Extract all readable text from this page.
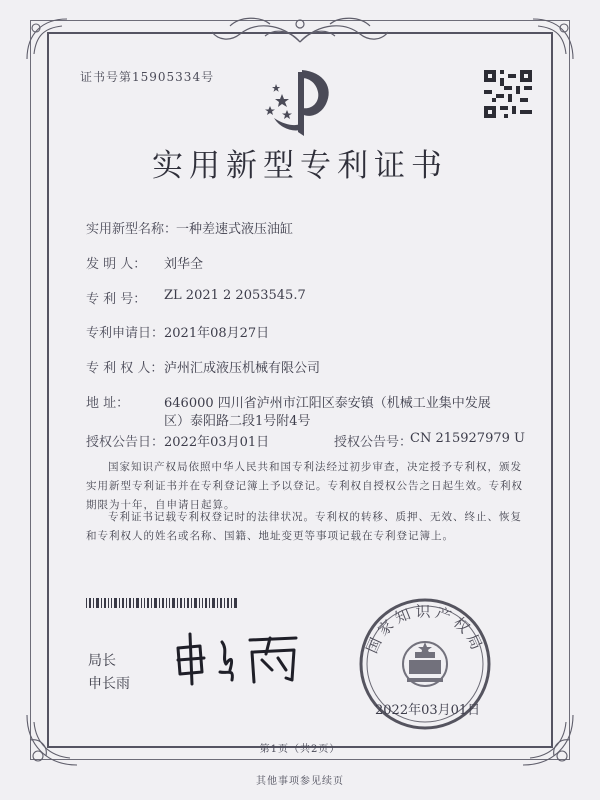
证书号第15905334号
实用新型专利证书
实用新型名称：
一种差速式液压油缸
发 明 人： 刘华全
专 利 号： ZL 2021 2 2053545.7
专利申请日： 2021年08月27日
专 利 权 人： 泸州汇成液压机械有限公司
地 址：	646000 四川省泸州市江阳区泰安镇（机械工业集中发展
区）泰阳路二段1号附4号
授权公告日： 2022年03月01日	授权公告号：
CN 215927979 U
国家知识产权局依照中华人民共和国专利法经过初步审查，决定授予专利权，颁发实用新型专利证书并在专利登记簿上予以登记。专利权自授权公告之日起生效。专利权期限为十年，自申请日起算。
专利证书记载专利权登记时的法律状况。专利权的转移、质押、无效、终止、恢复和专利权人的姓名或名称、国籍、地址变更等事项记载在专利登记簿上。
局长
申长雨
国家知识产权局
2022年03月01日
第1页（共2页）
其他事项参见续页
